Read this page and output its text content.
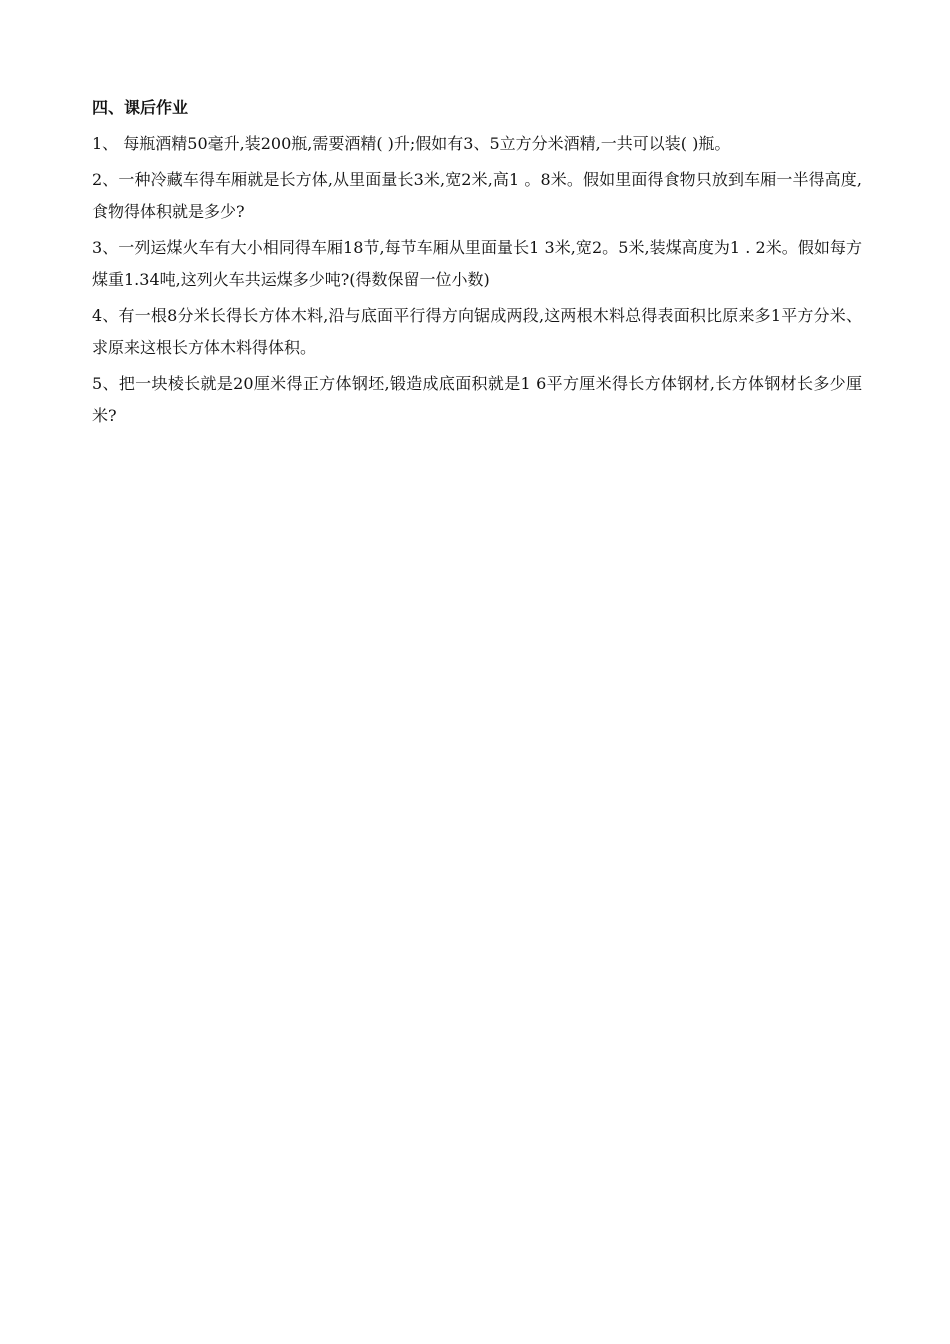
四、课后作业

1、 每瓶酒精50毫升,装200瓶,需要酒精( )升;假如有3、5立方分米酒精,一共可以装( )瓶。

2、一种冷藏车得车厢就是长方体,从里面量长3米,宽2米,高1 。8米。假如里面得食物只放到车厢一半得高度,食物得体积就是多少?

3、一列运煤火车有大小相同得车厢18节,每节车厢从里面量长1 3米,宽2。5米,装煤高度为1 . 2米。假如每方煤重1.34吨,这列火车共运煤多少吨?(得数保留一位小数)

4、有一根8分米长得长方体木料,沿与底面平行得方向锯成两段,这两根木料总得表面积比原来多1平方分米、求原来这根长方体木料得体积。

5、把一块棱长就是20厘米得正方体钢坯,锻造成底面积就是1 6平方厘米得长方体钢材,长方体钢材长多少厘米?
